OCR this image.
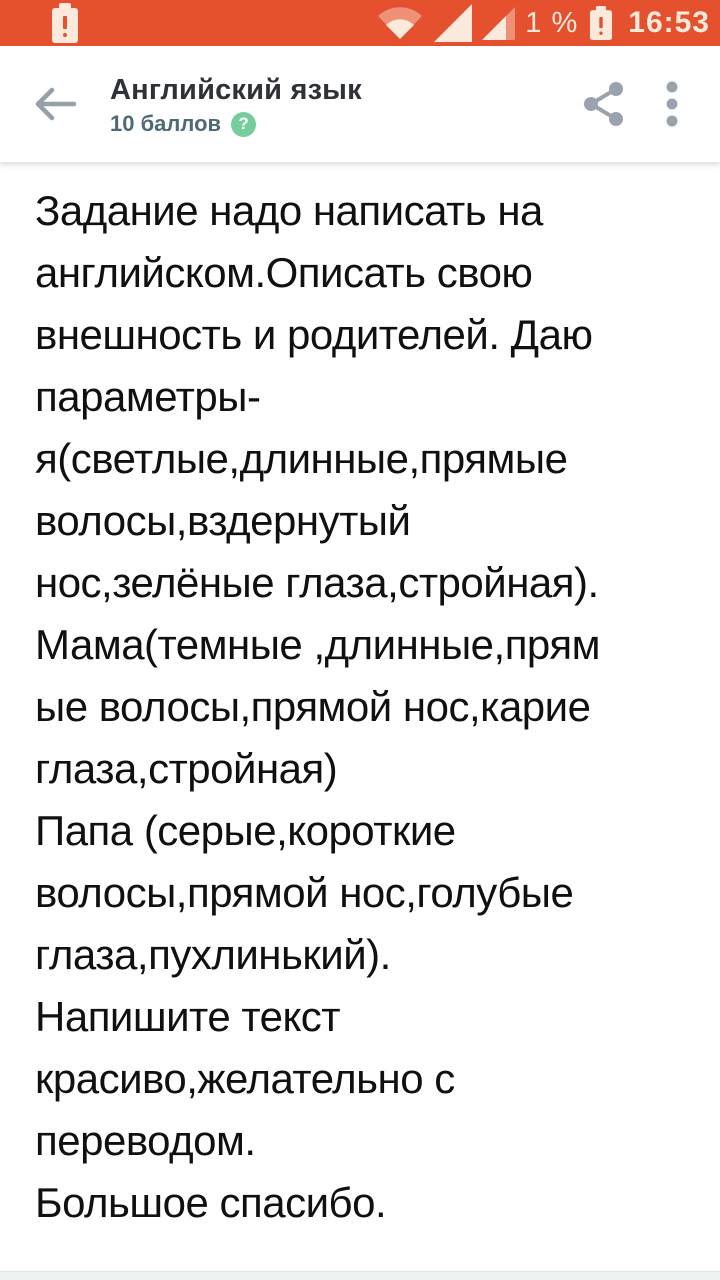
1 % 16:53
Английский язык
10 баллов	?
Задание надо написать на
английском.Описать свою
внешность и родителей. Даю
параметры-
я(светлые,длинные,прямые
волосы,вздернутый
нос,зелёные глаза,стройная).
Мама(темные ,длинные,прям
ые волосы,прямой нос,карие
глаза,стройная)
Папа (серые,короткие
волосы,прямой нос,голубые
глаза,пухлинький).
Напишите текст
красиво,желательно с
переводом.
Большое спасибо.
